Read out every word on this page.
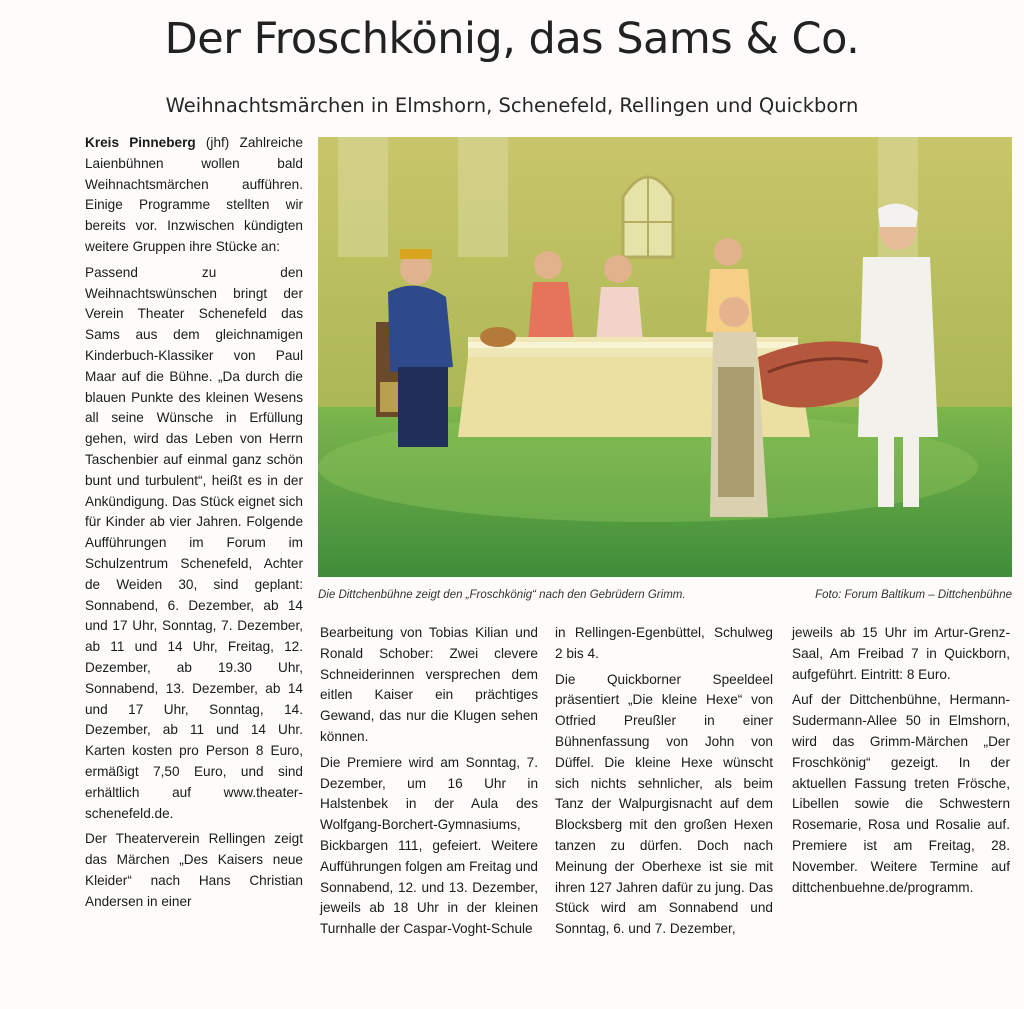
Der Froschkönig, das Sams & Co.
Weihnachtsmärchen in Elmshorn, Schenefeld, Rellingen und Quickborn

Kreis Pinneberg (jhf) Zahlreiche Laienbühnen wollen bald Weihnachtsmärchen aufführen. Einige Programme stellten wir bereits vor. Inzwischen kündigten weitere Gruppen ihre Stücke an:

Passend zu den Weihnachtswünschen bringt der Verein Theater Schenefeld das Sams aus dem gleichnamigen Kinderbuch-Klassiker von Paul Maar auf die Bühne. „Da durch die blauen Punkte des kleinen Wesens all seine Wünsche in Erfüllung gehen, wird das Leben von Herrn Taschenbier auf einmal ganz schön bunt und turbulent“, heißt es in der Ankündigung. Das Stück eignet sich für Kinder ab vier Jahren. Folgende Aufführungen im Forum im Schulzentrum Schenefeld, Achter de Weiden 30, sind geplant: Sonnabend, 6. Dezember, ab 14 und 17 Uhr, Sonntag, 7. Dezember, ab 11 und 14 Uhr, Freitag, 12. Dezember, ab 19.30 Uhr, Sonnabend, 13. Dezember, ab 14 und 17 Uhr, Sonntag, 14. Dezember, ab 11 und 14 Uhr. Karten kosten pro Person 8 Euro, ermäßigt 7,50 Euro, und sind erhältlich auf www.theater-schenefeld.de.

Der Theaterverein Rellingen zeigt das Märchen „Des Kaisers neue Kleider“ nach Hans Christian Andersen in einer

Die Dittchenbühne zeigt den „Froschkönig“ nach den Gebrüdern Grimm.	Foto: Forum Baltikum – Dittchenbühne

Bearbeitung von Tobias Kilian und Ronald Schober: Zwei clevere Schneiderinnen versprechen dem eitlen Kaiser ein prächtiges Gewand, das nur die Klugen sehen können.

Die Premiere wird am Sonntag, 7. Dezember, um 16 Uhr in Halstenbek in der Aula des Wolfgang-Borchert-Gymnasiums, Bickbargen 111, gefeiert. Weitere Aufführungen folgen am Freitag und Sonnabend, 12. und 13. Dezember, jeweils ab 18 Uhr in der kleinen Turnhalle der Caspar-Voght-Schule

in Rellingen-Egenbüttel, Schulweg 2 bis 4.

Die Quickborner Speeldeel präsentiert „Die kleine Hexe“ von Otfried Preußler in einer Bühnenfassung von John von Düffel. Die kleine Hexe wünscht sich nichts sehnlicher, als beim Tanz der Walpurgisnacht auf dem Blocksberg mit den großen Hexen tanzen zu dürfen. Doch nach Meinung der Oberhexe ist sie mit ihren 127 Jahren dafür zu jung. Das Stück wird am Sonnabend und Sonntag, 6. und 7. Dezember,

jeweils ab 15 Uhr im Artur-Grenz-Saal, Am Freibad 7 in Quickborn, aufgeführt. Eintritt: 8 Euro.

Auf der Dittchenbühne, Hermann-Sudermann-Allee 50 in Elmshorn, wird das Grimm-Märchen „Der Froschkönig“ gezeigt. In der aktuellen Fassung treten Frösche, Libellen sowie die Schwestern Rosemarie, Rosa und Rosalie auf. Premiere ist am Freitag, 28. November. Weitere Termine auf dittchenbuehne.de/programm.
